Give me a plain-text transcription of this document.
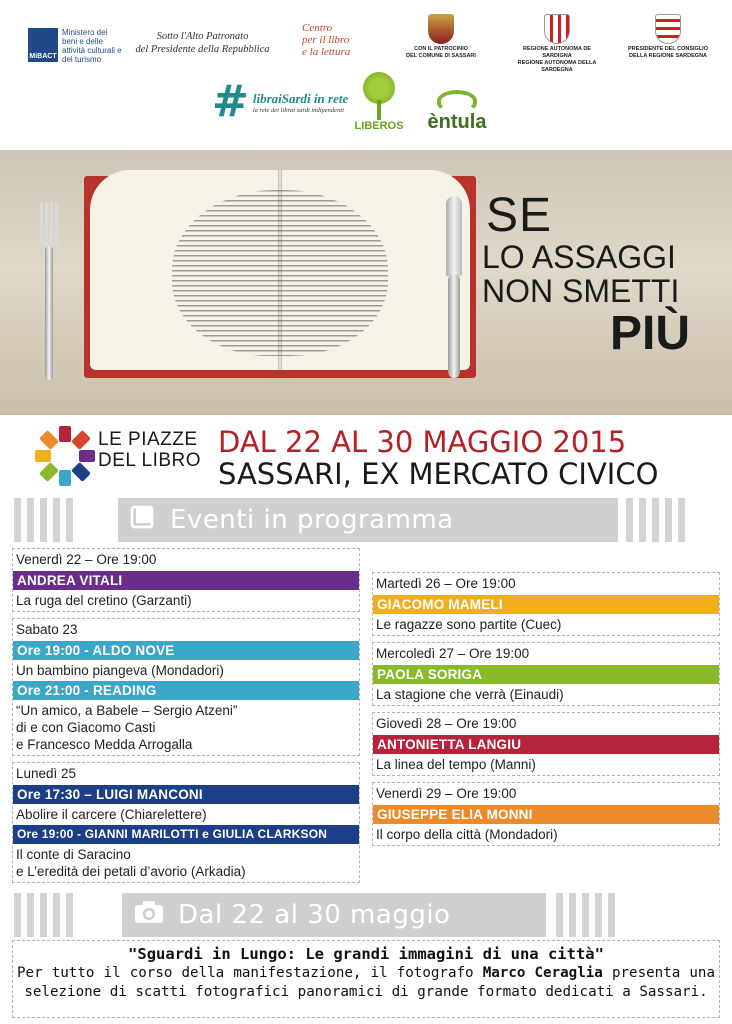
MiBACT
Ministero dei beni e delle attività culturali e del turismo
Sotto l'Alto Patronato
del Presidente della Repubblica
Centro
per il libro
e la lettura	CON IL PATROCINIO
DEL COMUNE DI SASSARI
REGIONE AUTONOMA DE SARDIGNA
REGIONE AUTONOMA DELLA SARDEGNA
PRESIDENTE DEL CONSIGLIO
DELLA REGIONE SARDEGNA
# libraiSardi in rete
la rete dei librai sardi indipendenti
LIBEROS èntula
SE
LO ASSAGGI
NON SMETTI
PIÙ
LE PIAZZE
DEL LIBRO
DAL 22 AL 30 MAGGIO 2015
SASSARI, EX MERCATO CIVICO
Eventi in programma
Venerdì 22 – Ore 19:00
ANDREA VITALI
La ruga del cretino (Garzanti)
Sabato 23
Ore 19:00 - ALDO NOVE
Un bambino piangeva (Mondadori)
Ore 21:00 - READING
“Un amico, a Babele – Sergio Atzeni”
di e con Giacomo Casti
e Francesco Medda Arrogalla
Lunedì 25
Ore 17:30 – LUIGI MANCONI
Abolire il carcere (Chiarelettere)
Ore 19:00 - GIANNI MARILOTTI e GIULIA CLARKSON
Il conte di Saracino
e L’eredità dei petali d’avorio (Arkadia)
Martedì 26 – Ore 19:00
GIACOMO MAMELI
Le ragazze sono partite (Cuec)
Mercoledì 27 – Ore 19:00
PAOLA SORIGA
La stagione che verrà (Einaudi)
Giovedì 28 – Ore 19:00
ANTONIETTA LANGIU
La linea del tempo (Manni)
Venerdì 29 – Ore 19:00
GIUSEPPE ELIA MONNI
Il corpo della città (Mondadori)
Dal 22 al 30 maggio
"Sguardi in Lungo: Le grandi immagini di una città"
Per tutto il corso della manifestazione, il fotografo Marco Ceraglia presenta una selezione di scatti fotografici panoramici di grande formato dedicati a Sassari.
